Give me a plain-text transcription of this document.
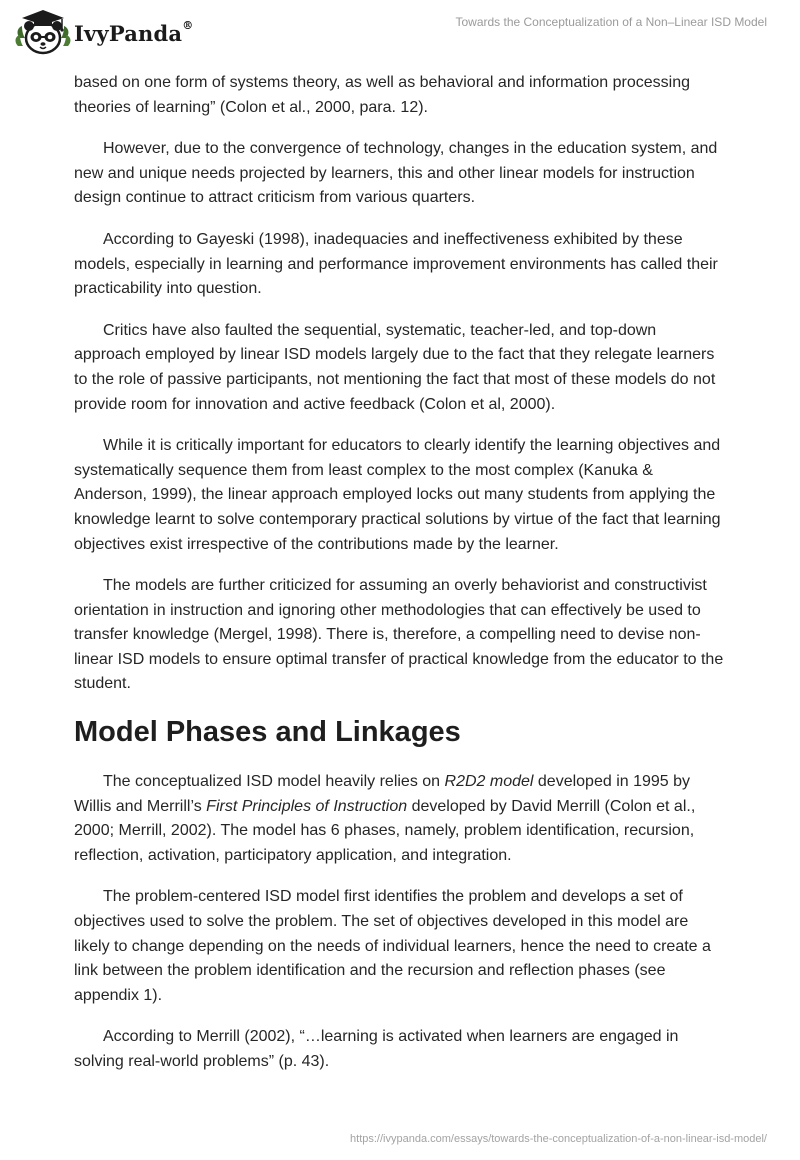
IvyPanda®	Towards the Conceptualization of a Non–Linear ISD Model

based on one form of systems theory, as well as behavioral and information processing theories of learning” (Colon et al., 2000, para. 12).

However, due to the convergence of technology, changes in the education system, and new and unique needs projected by learners, this and other linear models for instruction design continue to attract criticism from various quarters.

According to Gayeski (1998), inadequacies and ineffectiveness exhibited by these models, especially in learning and performance improvement environments has called their practicability into question.

Critics have also faulted the sequential, systematic, teacher-led, and top-down approach employed by linear ISD models largely due to the fact that they relegate learners to the role of passive participants, not mentioning the fact that most of these models do not provide room for innovation and active feedback (Colon et al, 2000).

While it is critically important for educators to clearly identify the learning objectives and systematically sequence them from least complex to the most complex (Kanuka & Anderson, 1999), the linear approach employed locks out many students from applying the knowledge learnt to solve contemporary practical solutions by virtue of the fact that learning objectives exist irrespective of the contributions made by the learner.

The models are further criticized for assuming an overly behaviorist and constructivist orientation in instruction and ignoring other methodologies that can effectively be used to transfer knowledge (Mergel, 1998). There is, therefore, a compelling need to devise non-linear ISD models to ensure optimal transfer of practical knowledge from the educator to the student.

Model Phases and Linkages

The conceptualized ISD model heavily relies on R2D2 model developed in 1995 by Willis and Merrill’s First Principles of Instruction developed by David Merrill (Colon et al., 2000; Merrill, 2002). The model has 6 phases, namely, problem identification, recursion, reflection, activation, participatory application, and integration.

The problem-centered ISD model first identifies the problem and develops a set of objectives used to solve the problem. The set of objectives developed in this model are likely to change depending on the needs of individual learners, hence the need to create a link between the problem identification and the recursion and reflection phases (see appendix 1).

According to Merrill (2002), “…learning is activated when learners are engaged in solving real-world problems” (p. 43).

https://ivypanda.com/essays/towards-the-conceptualization-of-a-non-linear-isd-model/
